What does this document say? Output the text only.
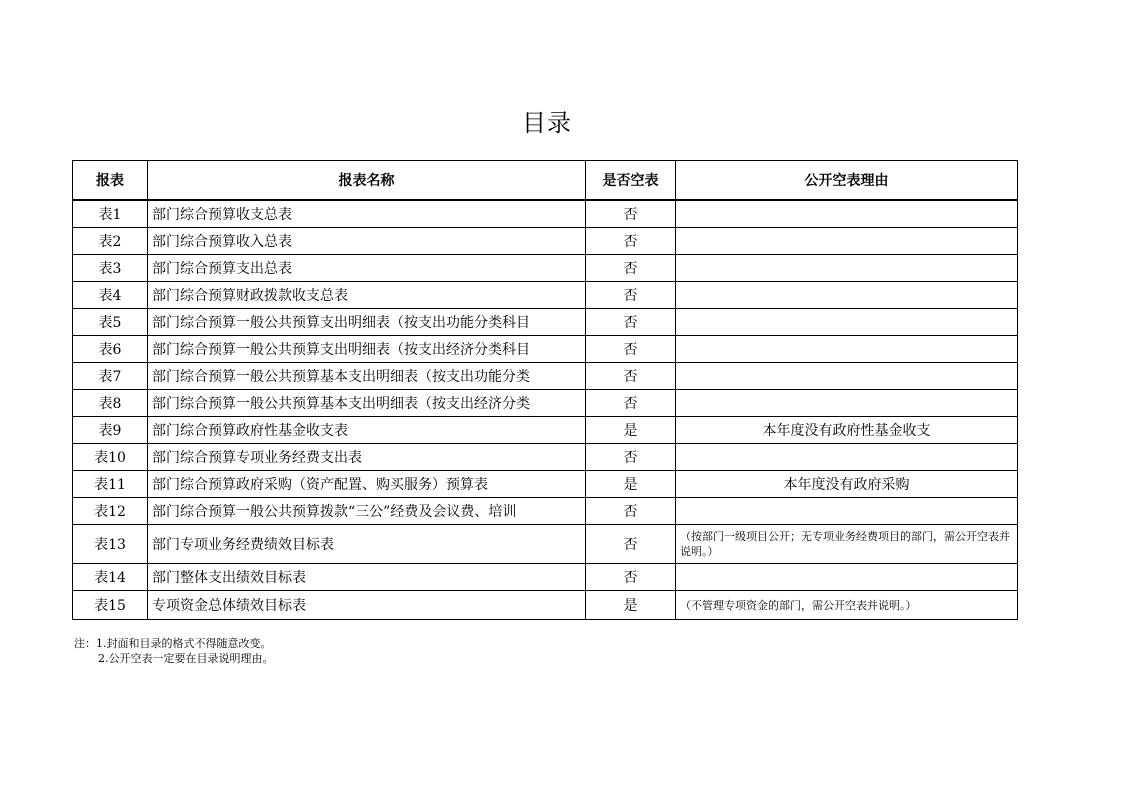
目录
报表	报表名称	是否空表	公开空表理由
表1	部门综合预算收支总表	否	
表2	部门综合预算收入总表	否	
表3	部门综合预算支出总表	否	
表4	部门综合预算财政拨款收支总表	否	
表5	部门综合预算一般公共预算支出明细表（按支出功能分类科目	否	
表6	部门综合预算一般公共预算支出明细表（按支出经济分类科目	否	
表7	部门综合预算一般公共预算基本支出明细表（按支出功能分类	否	
表8	部门综合预算一般公共预算基本支出明细表（按支出经济分类	否	
表9	部门综合预算政府性基金收支表	是	本年度没有政府性基金收支
表10	部门综合预算专项业务经费支出表	否	
表11	部门综合预算政府采购（资产配置、购买服务）预算表	是	本年度没有政府采购
表12	部门综合预算一般公共预算拨款“三公”经费及会议费、培训	否	
表13	部门专项业务经费绩效目标表	否	（按部门一级项目公开；无专项业务经费项目的部门，需公开空表并说明。）
表14	部门整体支出绩效目标表	否	
表15	专项资金总体绩效目标表	是	（不管理专项资金的部门，需公开空表并说明。）
注：1.封面和目录的格式不得随意改变。
2.公开空表一定要在目录说明理由。
